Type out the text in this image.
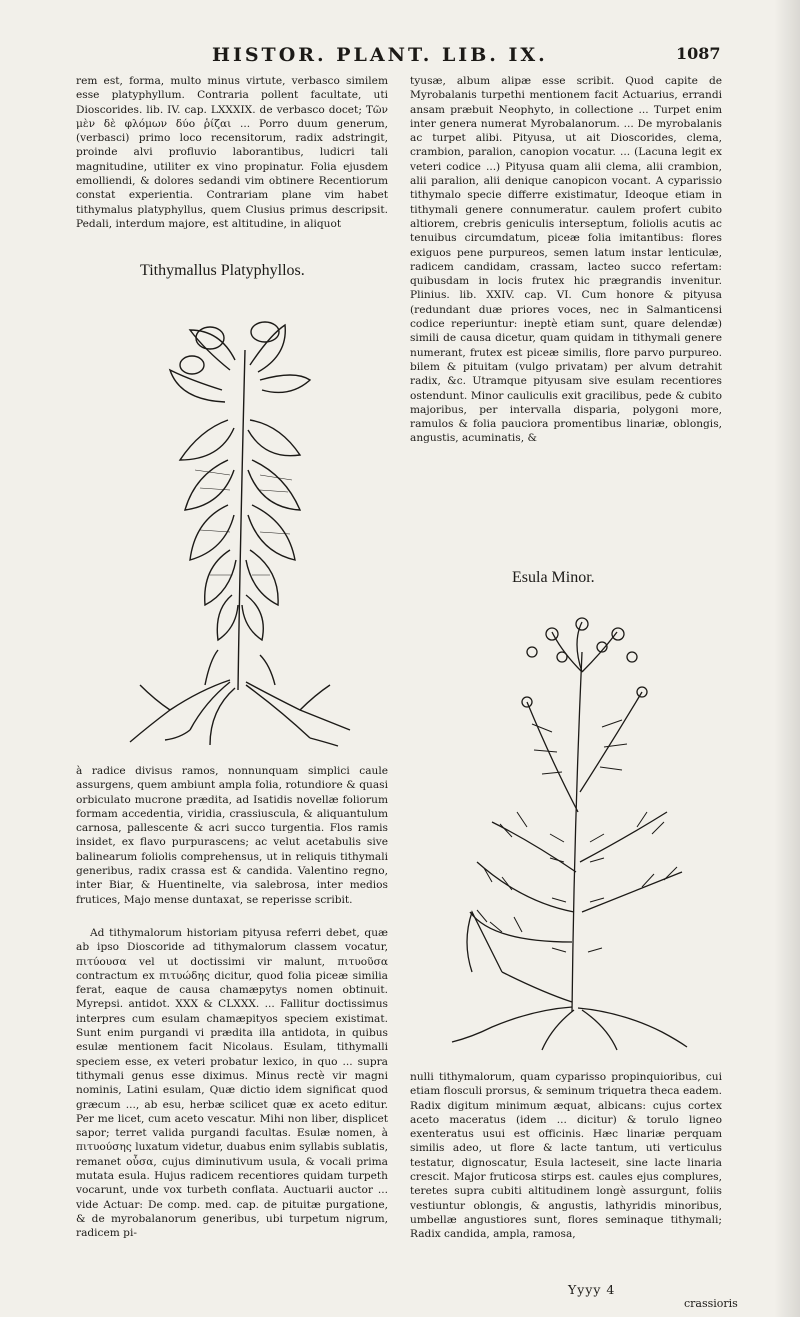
HISTOR. PLANT. LIB. IX.	1087

rem est, forma, multo minus virtute, verbasco similem esse platyphyllum. Contraria pollent facultate, uti Dioscorides. lib. IV. cap. LXXXIX. de verbasco docet; Τῶν μὲν δὲ φλόμων δύο ῥίζαι ... Porro duum generum, (verbasci) primo loco recensitorum, radix adstringit, proinde alvi profluvio laborantibus, ludicri tali magnitudine, utiliter ex vino propinatur. Folia ejusdem emolliendi, & dolores sedandi vim obtinere Recentiorum constat experientia. Contrariam plane vim habet tithymalus platyphyllus, quem Clusius primus descripsit. Pedali, interdum majore, est altitudine, in aliquot

Tithymallus Platyphyllos.

à radice divisus ramos, nonnunquam simplici caule assurgens, quem ambiunt ampla folia, rotundiore & quasi orbiculato mucrone prædita, ad Isatidis novellæ foliorum formam accedentia, viridia, crassiuscula, & aliquantulum carnosa, pallescente & acri succo turgentia. Flos ramis insidet, ex flavo purpurascens; ac velut acetabulis sive balinearum foliolis comprehensus, ut in reliquis tithymali generibus, radix crassa est & candida. Valentino regno, inter Biar, & Huentinelte, via salebrosa, inter medios frutices, Majo mense duntaxat, se reperisse scribit.

Ad tithymalorum historiam pityusa referri debet, quæ ab ipso Dioscoride ad tithymalorum classem vocatur, πιτύουσα vel ut doctissimi vir malunt, πιτυοῦσα contractum ex πιτυώδης dicitur, quod folia piceæ similia ferat, eaque de causa chamæpytys nomen obtinuit. Myrepsi. antidot. XXX & CLXXX. ... Fallitur doctissimus interpres cum esulam chamæpityos speciem existimat. Sunt enim purgandi vi prædita illa antidota, in quibus esulæ mentionem facit Nicolaus. Esulam, tithymalli speciem esse, ex veteri probatur lexico, in quo ... supra tithymali genus esse diximus. Minus rectè vir magni nominis, Latini esulam, Quæ dictio idem significat quod græcum ..., ab esu, herbæ scilicet quæ ex aceto editur. Per me licet, cum aceto vescatur. Mihi non liber, displicet sapor; terret valida purgandi facultas. Esulæ nomen, à πιτυούσης luxatum videtur, duabus enim syllabis sublatis, remanet οὖσα, cujus diminutivum usula, & vocali prima mutata esula. Hujus radicem recentiores quidam turpeth vocarunt, unde vox turbeth conflata. Auctuarii auctor ... vide Actuar: De comp. med. cap. de pituitæ purgatione, & de myrobalanorum generibus, ubi turpetum nigrum, radicem pi-

tyusæ, album alipæ esse scribit. Quod capite de Myrobalanis turpethi mentionem facit Actuarius, errandi ansam præbuit Neophyto, in collectione ... Turpet enim inter genera numerat Myrobalanorum. ... De myrobalanis ac turpet alibi. Pityusa, ut ait Dioscorides, clema, crambion, paralion, canopion vocatur. ... (Lacuna legit ex veteri codice ...) Pityusa quam alii clema, alii crambion, alii paralion, alii denique canopicon vocant. A cyparissio tithymalo specie differre existimatur, Ideoque etiam in tithymali genere connumeratur. caulem profert cubito altiorem, crebris geniculis interseptum, foliolis acutis ac tenuibus circumdatum, piceæ folia imitantibus: flores exiguos pene purpureos, semen latum instar lenticulæ, radicem candidam, crassam, lacteo succo refertam: quibusdam in locis frutex hic prægrandis invenitur. Plinius. lib. XXIV. cap. VI. Cum honore & pityusa (redundant duæ priores voces, nec in Salmanticensi codice reperiuntur: ineptè etiam sunt, quare delendæ) simili de causa dicetur, quam quidam in tithymali genere numerant, frutex est piceæ similis, flore parvo purpureo. bilem & pituitam (vulgo privatam) per alvum detrahit radix, &c. Utramque pityusam sive esulam recentiores ostendunt. Minor cauliculis exit gracilibus, pede & cubito majoribus, per intervalla disparia, polygoni more, ramulos & folia pauciora promentibus linariæ, oblongis, angustis, acuminatis, &

Esula Minor.

nulli tithymalorum, quam cyparisso propinquioribus, cui etiam flosculi prorsus, & seminum triquetra theca eadem. Radix digitum minimum æquat, albicans: cujus cortex aceto maceratus (idem ... dicitur) & torulo ligneo exenteratus usui est officinis. Hæc linariæ perquam similis adeo, ut flore & lacte tantum, uti verticulus testatur, dignoscatur, Esula lacteseit, sine lacte linaria crescit. Major fruticosa stirps est. caules ejus complures, teretes supra cubiti altitudinem longè assurgunt, foliis vestiuntur oblongis, & angustis, lathyridis minoribus, umbellæ angustiores sunt, flores seminaque tithymali; Radix candida, ampla, ramosa,

Yyyy 4
crassioris
